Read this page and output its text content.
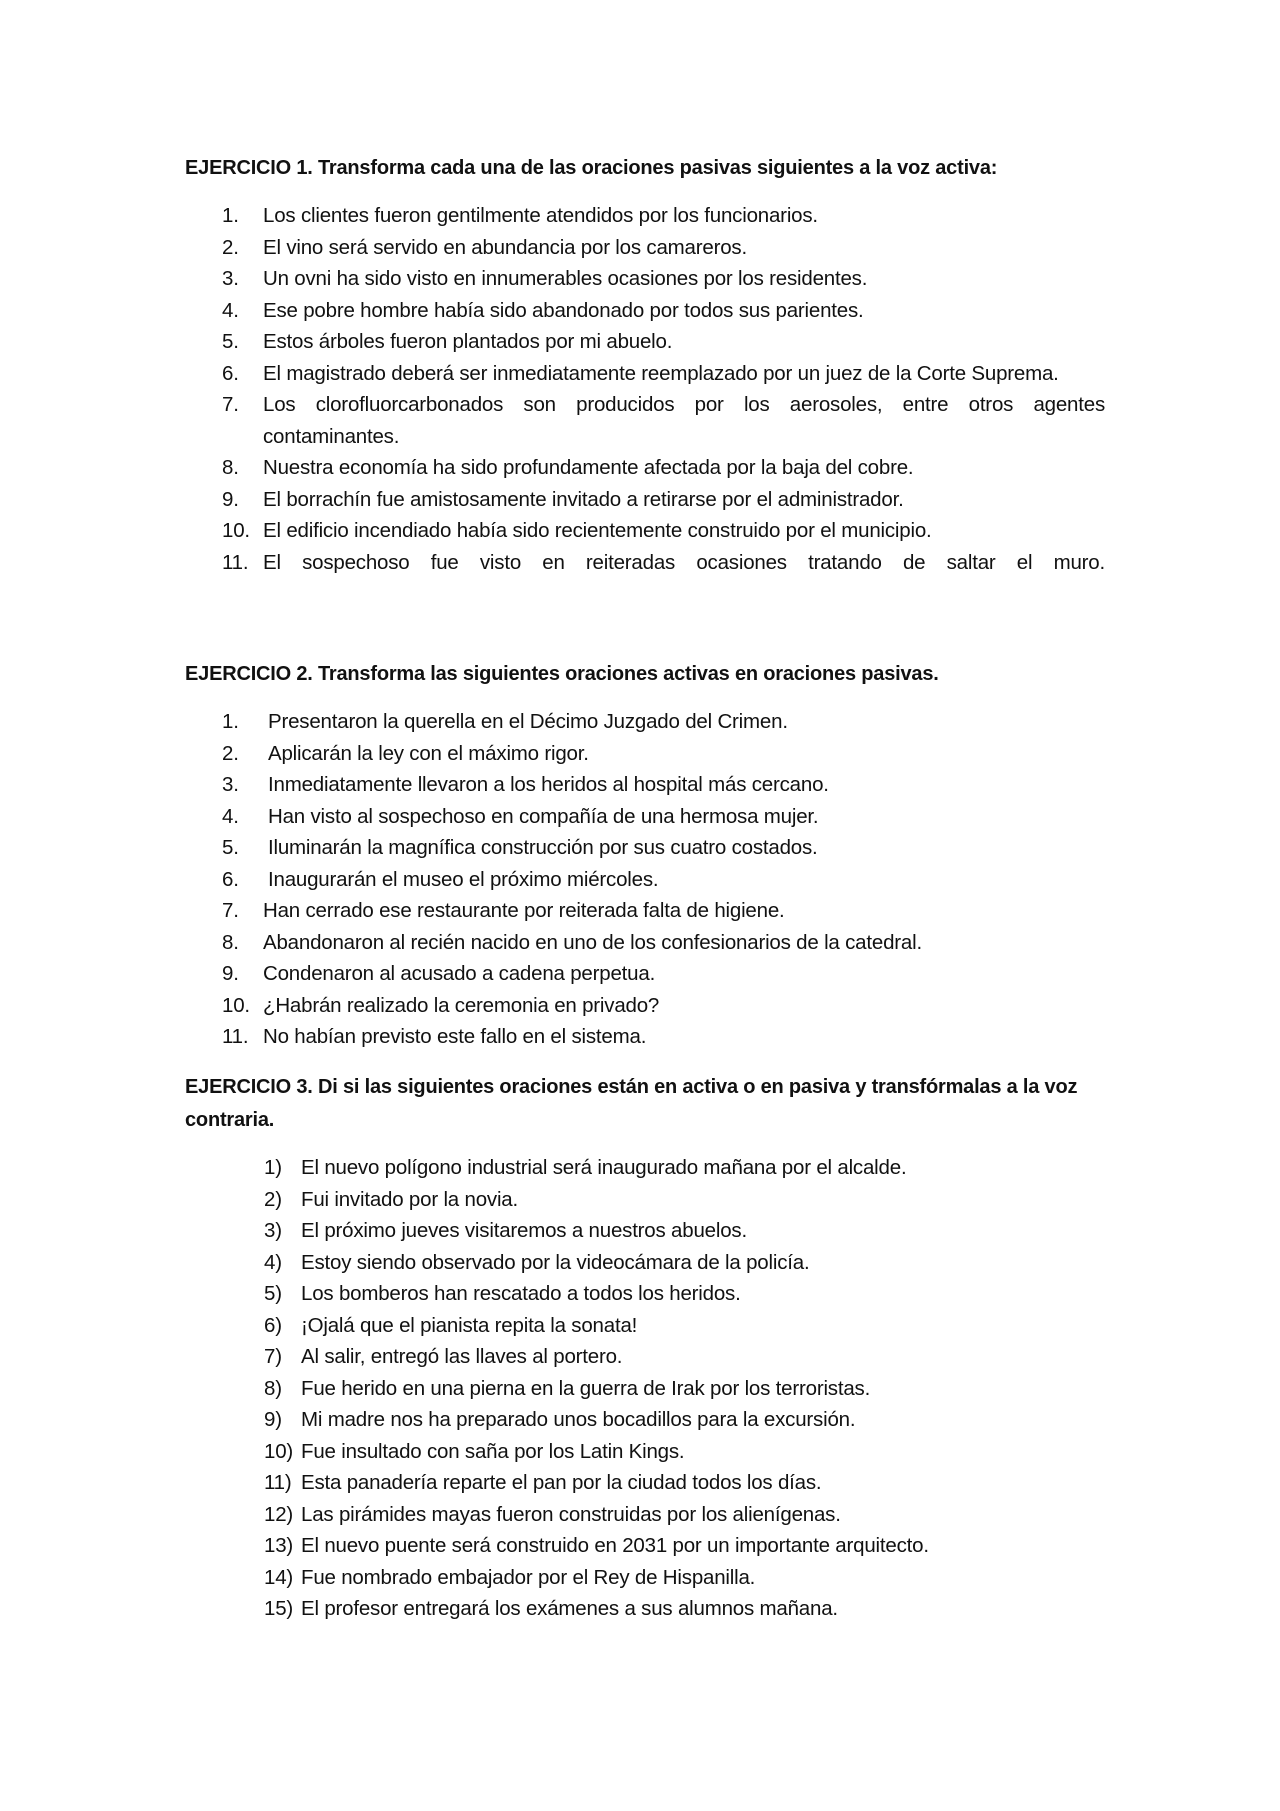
EJERCICIO 1. Transforma cada una de las oraciones pasivas siguientes a la voz activa:

1. Los clientes fueron gentilmente atendidos por los funcionarios.
2. El vino será servido en abundancia por los camareros.
3. Un ovni ha sido visto en innumerables ocasiones por los residentes.
4. Ese pobre hombre había sido abandonado por todos sus parientes.
5. Estos árboles fueron plantados por mi abuelo.
6. El magistrado deberá ser inmediatamente reemplazado por un juez de la Corte Suprema.
7. Los clorofluorcarbonados son producidos por los aerosoles, entre otros agentes contaminantes.
8. Nuestra economía ha sido profundamente afectada por la baja del cobre.
9. El borrachín fue amistosamente invitado a retirarse por el administrador.
10. El edificio incendiado había sido recientemente construido por el municipio.
11. El sospechoso fue visto en reiteradas ocasiones tratando de saltar el muro.

EJERCICIO 2. Transforma las siguientes oraciones activas en oraciones pasivas.

1. Presentaron la querella en el Décimo Juzgado del Crimen.
2. Aplicarán la ley con el máximo rigor.
3. Inmediatamente llevaron a los heridos al hospital más cercano.
4. Han visto al sospechoso en compañía de una hermosa mujer.
5. Iluminarán la magnífica construcción por sus cuatro costados.
6. Inaugurarán el museo el próximo miércoles.
7. Han cerrado ese restaurante por reiterada falta de higiene.
8. Abandonaron al recién nacido en uno de los confesionarios de la catedral.
9. Condenaron al acusado a cadena perpetua.
10. ¿Habrán realizado la ceremonia en privado?
11. No habían previsto este fallo en el sistema.

EJERCICIO 3. Di si las siguientes oraciones están en activa o en pasiva y transfórmalas a la voz contraria.

1) El nuevo polígono industrial será inaugurado mañana por el alcalde.
2) Fui invitado por la novia.
3) El próximo jueves visitaremos a nuestros abuelos.
4) Estoy siendo observado por la videocámara de la policía.
5) Los bomberos han rescatado a todos los heridos.
6) ¡Ojalá que el pianista repita la sonata!
7) Al salir, entregó las llaves al portero.
8) Fue herido en una pierna en la guerra de Irak por los terroristas.
9) Mi madre nos ha preparado unos bocadillos para la excursión.
10) Fue insultado con saña por los Latin Kings.
11) Esta panadería reparte el pan por la ciudad todos los días.
12) Las pirámides mayas fueron construidas por los alienígenas.
13) El nuevo puente será construido en 2031 por un importante arquitecto.
14) Fue nombrado embajador por el Rey de Hispanilla.
15) El profesor entregará los exámenes a sus alumnos mañana.
